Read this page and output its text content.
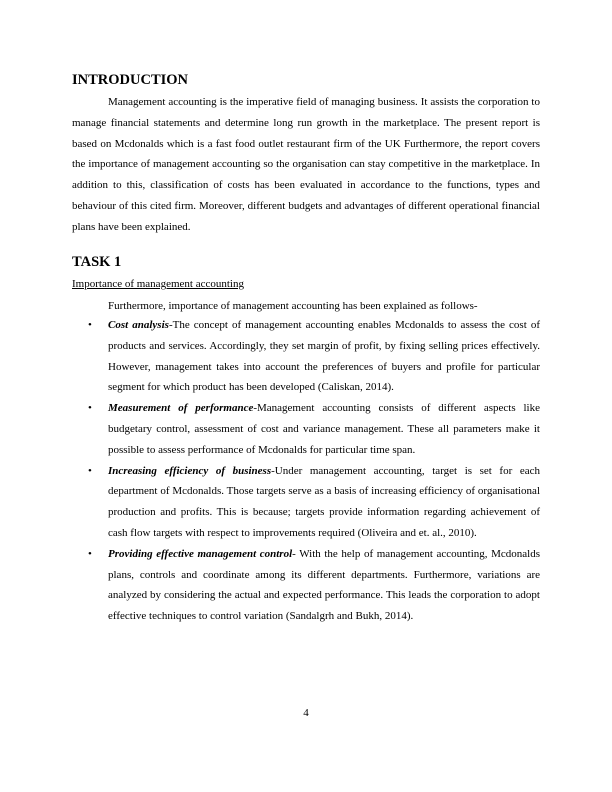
INTRODUCTION

Management accounting is the imperative field of managing business. It assists the corporation to manage financial statements and determine long run growth in the marketplace. The present report is based on Mcdonalds which is a fast food outlet restaurant firm of the UK Furthermore, the report covers the importance of management accounting so the organisation can stay competitive in the marketplace. In addition to this, classification of costs has been evaluated in accordance to the functions, types and behaviour of this cited firm. Moreover, different budgets and advantages of different operational financial plans have been explained.

TASK 1

Importance of management accounting

Furthermore, importance of management accounting has been explained as follows-

• Cost analysis-The concept of management accounting enables Mcdonalds to assess the cost of products and services. Accordingly, they set margin of profit, by fixing selling prices effectively. However, management takes into account the preferences of buyers and profile for particular segment for which product has been developed (Caliskan, 2014).
• Measurement of performance-Management accounting consists of different aspects like budgetary control, assessment of cost and variance management. These all parameters make it possible to assess performance of Mcdonalds for particular time span.
• Increasing efficiency of business-Under management accounting, target is set for each department of Mcdonalds. Those targets serve as a basis of increasing efficiency of organisational production and profits. This is because; targets provide information regarding achievement of cash flow targets with respect to improvements required (Oliveira and et. al., 2010).
• Providing effective management control- With the help of management accounting, Mcdonalds plans, controls and coordinate among its different departments. Furthermore, variations are analyzed by considering the actual and expected performance. This leads the corporation to adopt effective techniques to control variation (Sandalgrh and Bukh, 2014).

4
